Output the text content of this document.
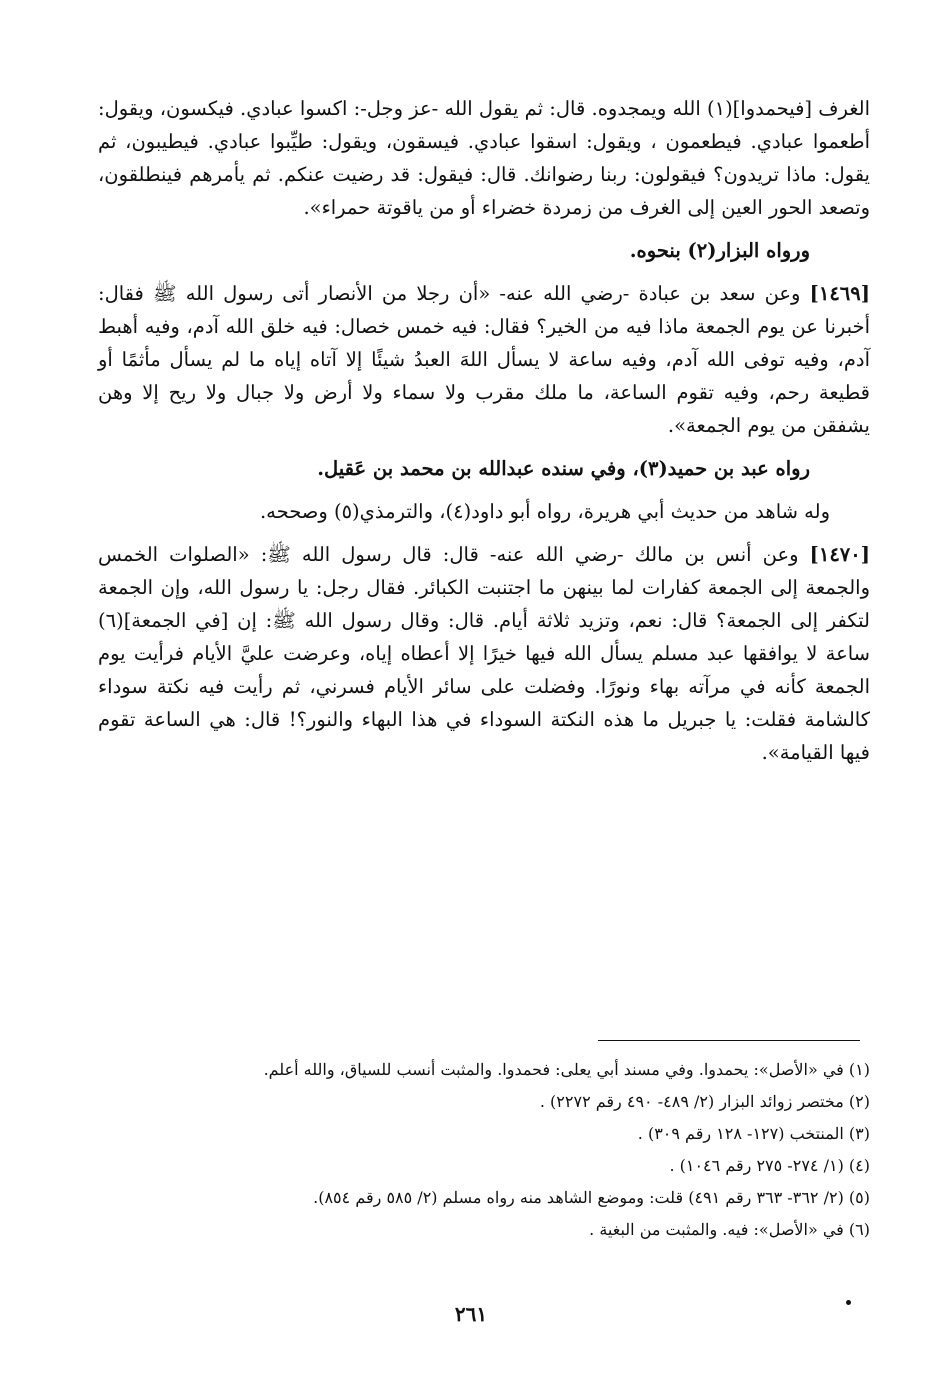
الغرف [فيحمدوا](١) الله ويمجدوه. قال: ثم يقول الله -عز وجل-: اكسوا عبادي. فيكسون، ويقول: أطعموا عبادي. فيطعمون ، ويقول: اسقوا عبادي. فيسقون، ويقول: طيِّبوا عبادي. فيطيبون، ثم يقول: ماذا تريدون؟ فيقولون: ربنا رضوانك. قال: فيقول: قد رضيت عنكم. ثم يأمرهم فينطلقون، وتصعد الحور العين إلى الغرف من زمردة خضراء أو من ياقوتة حمراء».

ورواه البزار(٢) بنحوه.

[١٤٦٩] وعن سعد بن عبادة -رضي الله عنه- «أن رجلا من الأنصار أتى رسول الله ﷺ فقال: أخبرنا عن يوم الجمعة ماذا فيه من الخير؟ فقال: فيه خمس خصال: فيه خلق الله آدم، وفيه أهبط آدم، وفيه توفى الله آدم، وفيه ساعة لا يسأل اللهَ العبدُ شيئًا إلا آتاه إياه ما لم يسأل مأثمًا أو قطيعة رحم، وفيه تقوم الساعة، ما ملك مقرب ولا سماء ولا أرض ولا جبال ولا ريح إلا وهن يشفقن من يوم الجمعة».

رواه عبد بن حميد(٣)، وفي سنده عبدالله بن محمد بن عَقيل.

وله شاهد من حديث أبي هريرة، رواه أبو داود(٤)، والترمذي(٥) وصححه.

[١٤٧٠] وعن أنس بن مالك -رضي الله عنه- قال: قال رسول الله ﷺ: «الصلوات الخمس والجمعة إلى الجمعة كفارات لما بينهن ما اجتنبت الكبائر. فقال رجل: يا رسول الله، وإن الجمعة لتكفر إلى الجمعة؟ قال: نعم، وتزيد ثلاثة أيام. قال: وقال رسول الله ﷺ: إن [في الجمعة](٦) ساعة لا يوافقها عبد مسلم يسأل الله فيها خيرًا إلا أعطاه إياه، وعرضت عليَّ الأيام فرأيت يوم الجمعة كأنه في مرآته بهاء ونورًا. وفضلت على سائر الأيام فسرني، ثم رأيت فيه نكتة سوداء كالشامة فقلت: يا جبريل ما هذه النكتة السوداء في هذا البهاء والنور؟! قال: هي الساعة تقوم فيها القيامة».

(١) في «الأصل»: يحمدوا. وفي مسند أبي يعلى: فحمدوا. والمثبت أنسب للسياق، والله أعلم.

(٢) مختصر زوائد البزار (٢/ ٤٨٩- ٤٩٠ رقم ٢٢٧٢) .

(٣) المنتخب (١٢٧- ١٢٨ رقم ٣٠٩) .

(٤) (١/ ٢٧٤- ٢٧٥ رقم ١٠٤٦) .

(٥) (٢/ ٣٦٢- ٣٦٣ رقم ٤٩١) قلت: وموضع الشاهد منه رواه مسلم (٢/ ٥٨٥ رقم ٨٥٤).

(٦) في «الأصل»: فيه. والمثبت من البغية .

٢٦١
